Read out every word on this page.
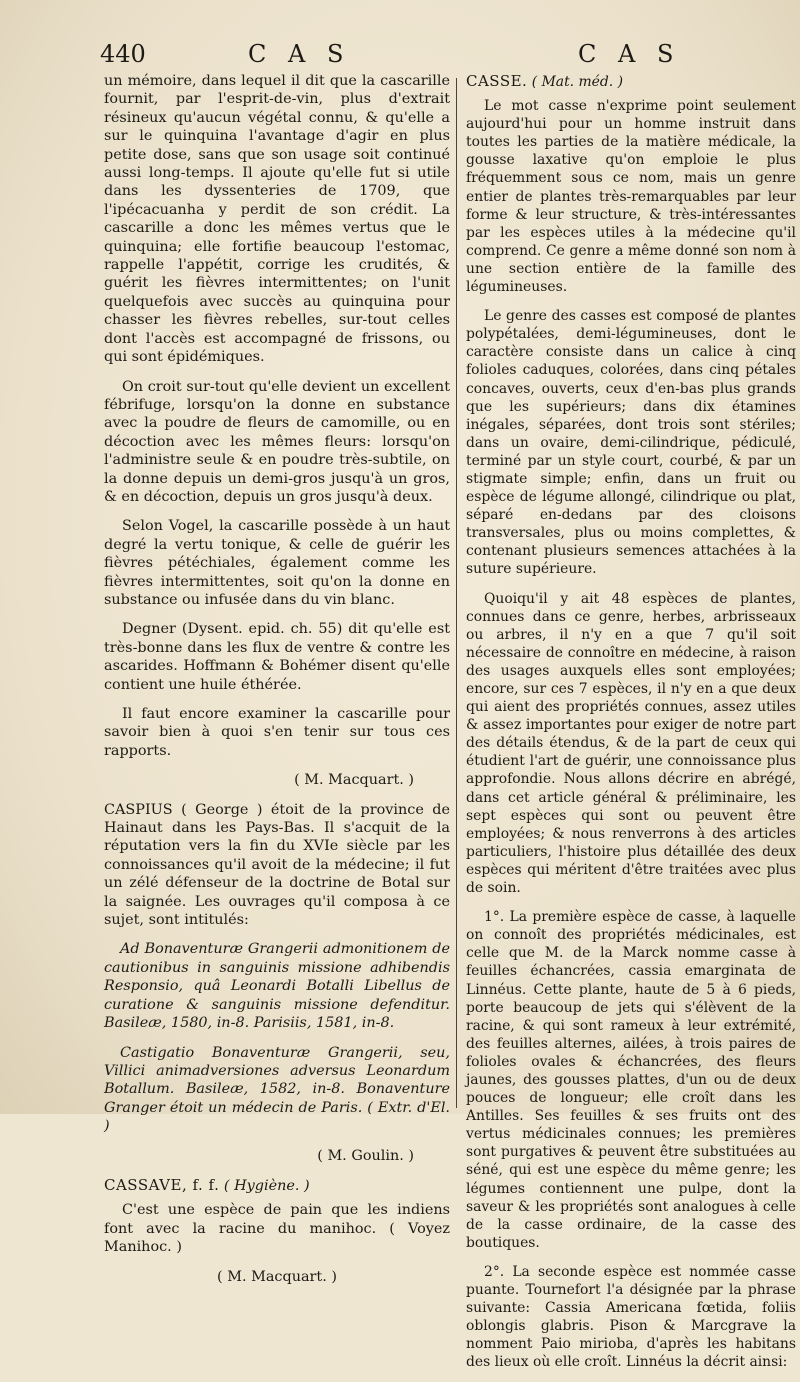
440	C A S	C A S

un mémoire, dans lequel il dit que la cascarille fournit, par l'esprit-de-vin, plus d'extrait résineux qu'aucun végétal connu, & qu'elle a sur le quinquina l'avantage d'agir en plus petite dose, sans que son usage soit continué aussi long-temps. Il ajoute qu'elle fut si utile dans les dyssenteries de 1709, que l'ipécacuanha y perdit de son crédit. La cascarille a donc les mêmes vertus que le quinquina; elle fortifie beaucoup l'estomac, rappelle l'appétit, corrige les crudités, & guérit les fièvres intermittentes; on l'unit quelquefois avec succès au quinquina pour chasser les fièvres rebelles, sur-tout celles dont l'accès est accompagné de frissons, ou qui sont épidémiques.

On croit sur-tout qu'elle devient un excellent fébrifuge, lorsqu'on la donne en substance avec la poudre de fleurs de camomille, ou en décoction avec les mêmes fleurs: lorsqu'on l'administre seule & en poudre très-subtile, on la donne depuis un demi-gros jusqu'à un gros, & en décoction, depuis un gros jusqu'à deux.

Selon Vogel, la cascarille possède à un haut degré la vertu tonique, & celle de guérir les fièvres pétéchiales, également comme les fièvres intermittentes, soit qu'on la donne en substance ou infusée dans du vin blanc.

Degner (Dysent. epid. ch. 55) dit qu'elle est très-bonne dans les flux de ventre & contre les ascarides. Hoffmann & Bohémer disent qu'elle contient une huile éthérée.

Il faut encore examiner la cascarille pour savoir bien à quoi s'en tenir sur tous ces rapports.

( M. Macquart. )

CASPIUS ( George ) étoit de la province de Hainaut dans les Pays-Bas. Il s'acquit de la réputation vers la fin du XVIe siècle par les connoissances qu'il avoit de la médecine; il fut un zélé défenseur de la doctrine de Botal sur la saignée. Les ouvrages qu'il composa à ce sujet, sont intitulés:

Ad Bonaventuræ Grangerii admonitionem de cautionibus in sanguinis missione adhibendis Responsio, quâ Leonardi Botalli Libellus de curatione & sanguinis missione defenditur. Basileæ, 1580, in-8. Parisiis, 1581, in-8.

Castigatio Bonaventuræ Grangerii, seu, Villici animadversiones adversus Leonardum Botallum. Basileæ, 1582, in-8. Bonaventure Granger étoit un médecin de Paris. ( Extr. d'El. )

( M. Goulin. )

CASSAVE, f. f. ( Hygiène. )

C'est une espèce de pain que les indiens font avec la racine du manihoc. ( Voyez Manihoc. )

( M. Macquart. )

CASSE. ( Mat. méd. )

Le mot casse n'exprime point seulement aujourd'hui pour un homme instruit dans toutes les parties de la matière médicale, la gousse laxative qu'on emploie le plus fréquemment sous ce nom, mais un genre entier de plantes très-remarquables par leur forme & leur structure, & très-intéressantes par les espèces utiles à la médecine qu'il comprend. Ce genre a même donné son nom à une section entière de la famille des légumineuses.

Le genre des casses est composé de plantes polypétalées, demi-légumineuses, dont le caractère consiste dans un calice à cinq folioles caduques, colorées, dans cinq pétales concaves, ouverts, ceux d'en-bas plus grands que les supérieurs; dans dix étamines inégales, séparées, dont trois sont stériles; dans un ovaire, demi-cilindrique, pédiculé, terminé par un style court, courbé, & par un stigmate simple; enfin, dans un fruit ou espèce de légume allongé, cilindrique ou plat, séparé en-dedans par des cloisons transversales, plus ou moins complettes, & contenant plusieurs semences attachées à la suture supérieure.

Quoiqu'il y ait 48 espèces de plantes, connues dans ce genre, herbes, arbrisseaux ou arbres, il n'y en a que 7 qu'il soit nécessaire de connoître en médecine, à raison des usages auxquels elles sont employées; encore, sur ces 7 espèces, il n'y en a que deux qui aient des propriétés connues, assez utiles & assez importantes pour exiger de notre part des détails étendus, & de la part de ceux qui étudient l'art de guérir, une connoissance plus approfondie. Nous allons décrire en abrégé, dans cet article général & préliminaire, les sept espèces qui sont ou peuvent être employées; & nous renverrons à des articles particuliers, l'histoire plus détaillée des deux espèces qui méritent d'être traitées avec plus de soin.

1°. La première espèce de casse, à laquelle on connoît des propriétés médicinales, est celle que M. de la Marck nomme casse à feuilles échancrées, cassia emarginata de Linnéus. Cette plante, haute de 5 à 6 pieds, porte beaucoup de jets qui s'élèvent de la racine, & qui sont rameux à leur extrémité, des feuilles alternes, ailées, à trois paires de folioles ovales & échancrées, des fleurs jaunes, des gousses plattes, d'un ou de deux pouces de longueur; elle croît dans les Antilles. Ses feuilles & ses fruits ont des vertus médicinales connues; les premières sont purgatives & peuvent être substituées au séné, qui est une espèce du même genre; les légumes contiennent une pulpe, dont la saveur & les propriétés sont analogues à celle de la casse ordinaire, de la casse des boutiques.

2°. La seconde espèce est nommée casse puante. Tournefort l'a désignée par la phrase suivante: Cassia Americana fœtida, foliis oblongis glabris. Pison & Marcgrave la nomment Paio mirioba, d'après les habitans des lieux où elle croît. Linnéus la décrit ainsi:
